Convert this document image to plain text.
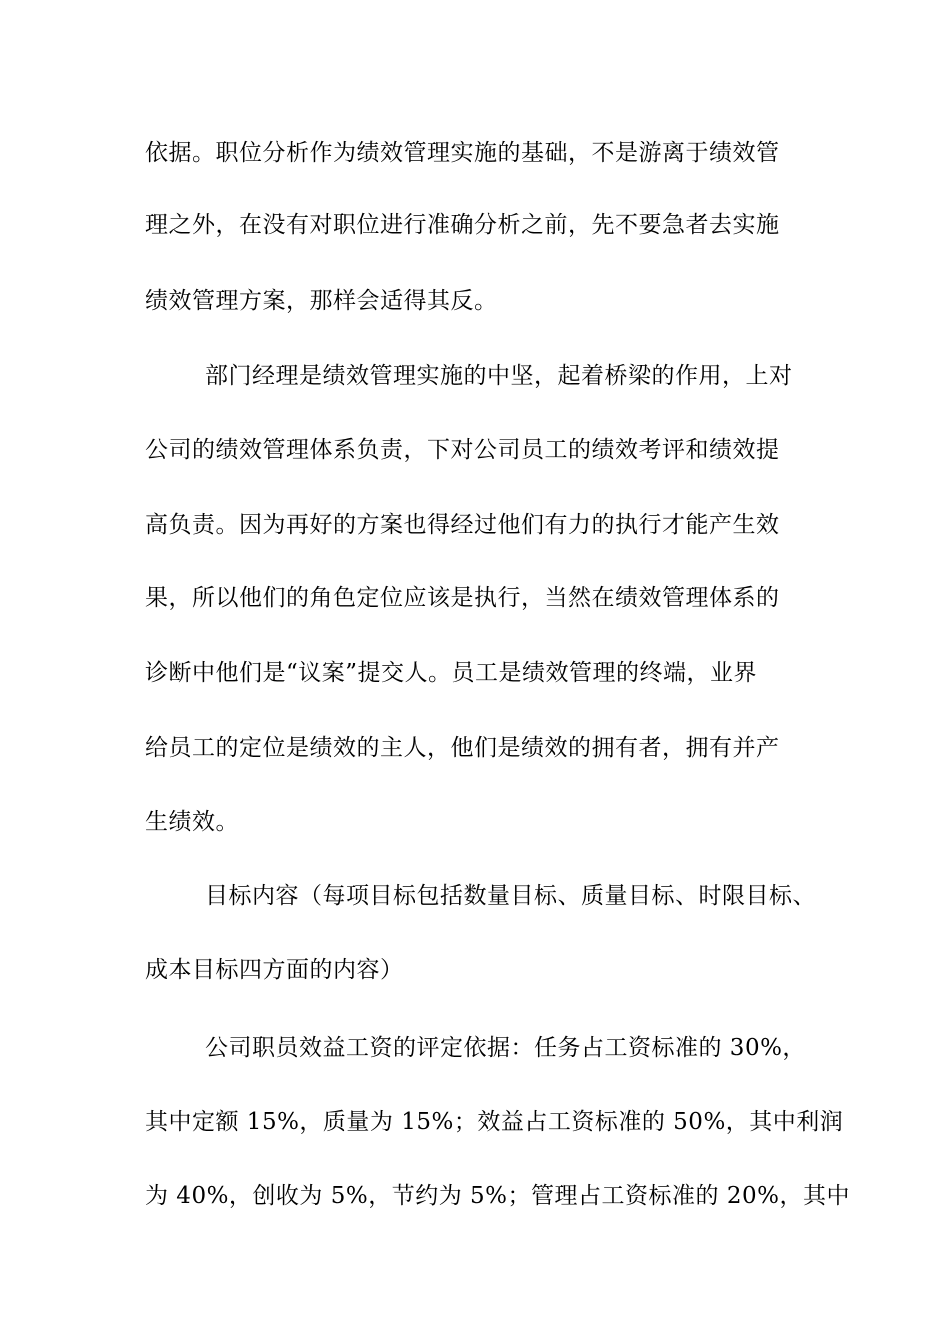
依据。职位分析作为绩效管理实施的基础，不是游离于绩效管
理之外，在没有对职位进行准确分析之前，先不要急者去实施
绩效管理方案，那样会适得其反。
部门经理是绩效管理实施的中坚，起着桥梁的作用，上对
公司的绩效管理体系负责，下对公司员工的绩效考评和绩效提
高负责。因为再好的方案也得经过他们有力的执行才能产生效
果，所以他们的角色定位应该是执行，当然在绩效管理体系的
诊断中他们是“议案”提交人。员工是绩效管理的终端，业界
给员工的定位是绩效的主人，他们是绩效的拥有者，拥有并产
生绩效。
目标内容（每项目标包括数量目标、质量目标、时限目标、
成本目标四方面的内容）
公司职员效益工资的评定依据：任务占工资标准的 30%，
其中定额 15%，质量为 15%；效益占工资标准的 50%，其中利润
为 40%，创收为 5%，节约为 5%；管理占工资标准的 20%，其中
